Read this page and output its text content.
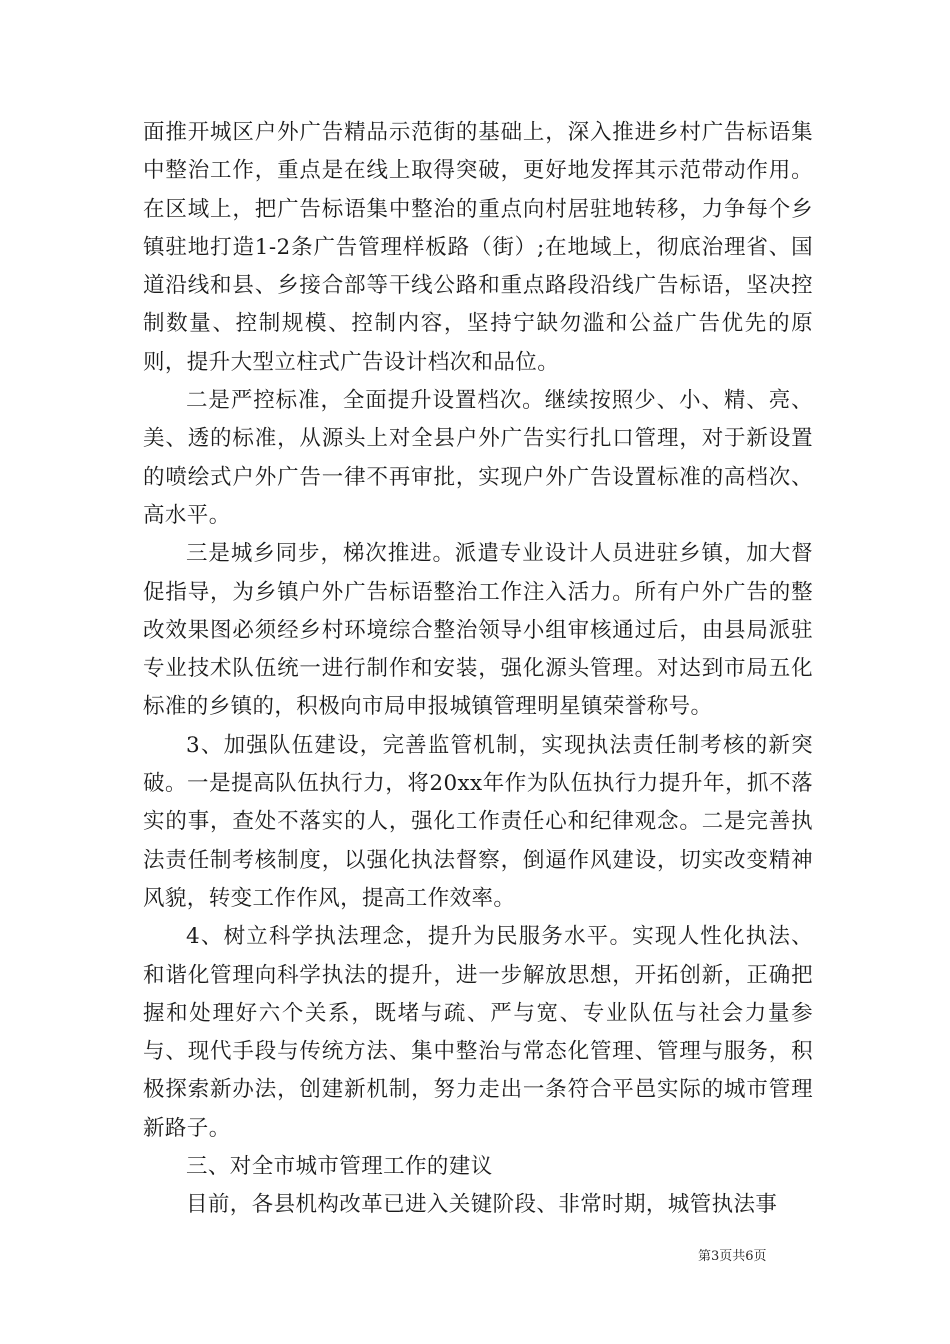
面推开城区户外广告精品示范街的基础上，深入推进乡村广告标语集中整治工作，重点是在线上取得突破，更好地发挥其示范带动作用。在区域上，把广告标语集中整治的重点向村居驻地转移，力争每个乡镇驻地打造1-2条广告管理样板路（街）;在地域上，彻底治理省、国道沿线和县、乡接合部等干线公路和重点路段沿线广告标语，坚决控制数量、控制规模、控制内容，坚持宁缺勿滥和公益广告优先的原则，提升大型立柱式广告设计档次和品位。

二是严控标准，全面提升设置档次。继续按照少、小、精、亮、美、透的标准，从源头上对全县户外广告实行扎口管理，对于新设置的喷绘式户外广告一律不再审批，实现户外广告设置标准的高档次、高水平。

三是城乡同步，梯次推进。派遣专业设计人员进驻乡镇，加大督促指导，为乡镇户外广告标语整治工作注入活力。所有户外广告的整改效果图必须经乡村环境综合整治领导小组审核通过后，由县局派驻专业技术队伍统一进行制作和安装，强化源头管理。对达到市局五化标准的乡镇的，积极向市局申报城镇管理明星镇荣誉称号。

3、加强队伍建设，完善监管机制，实现执法责任制考核的新突破。一是提高队伍执行力，将20xx年作为队伍执行力提升年，抓不落实的事，查处不落实的人，强化工作责任心和纪律观念。二是完善执法责任制考核制度，以强化执法督察，倒逼作风建设，切实改变精神风貌，转变工作作风，提高工作效率。

4、树立科学执法理念，提升为民服务水平。实现人性化执法、和谐化管理向科学执法的提升，进一步解放思想，开拓创新，正确把握和处理好六个关系，既堵与疏、严与宽、专业队伍与社会力量参与、现代手段与传统方法、集中整治与常态化管理、管理与服务，积极探索新办法，创建新机制，努力走出一条符合平邑实际的城市管理新路子。

三、对全市城市管理工作的建议

目前，各县机构改革已进入关键阶段、非常时期，城管执法事

第3页共6页
